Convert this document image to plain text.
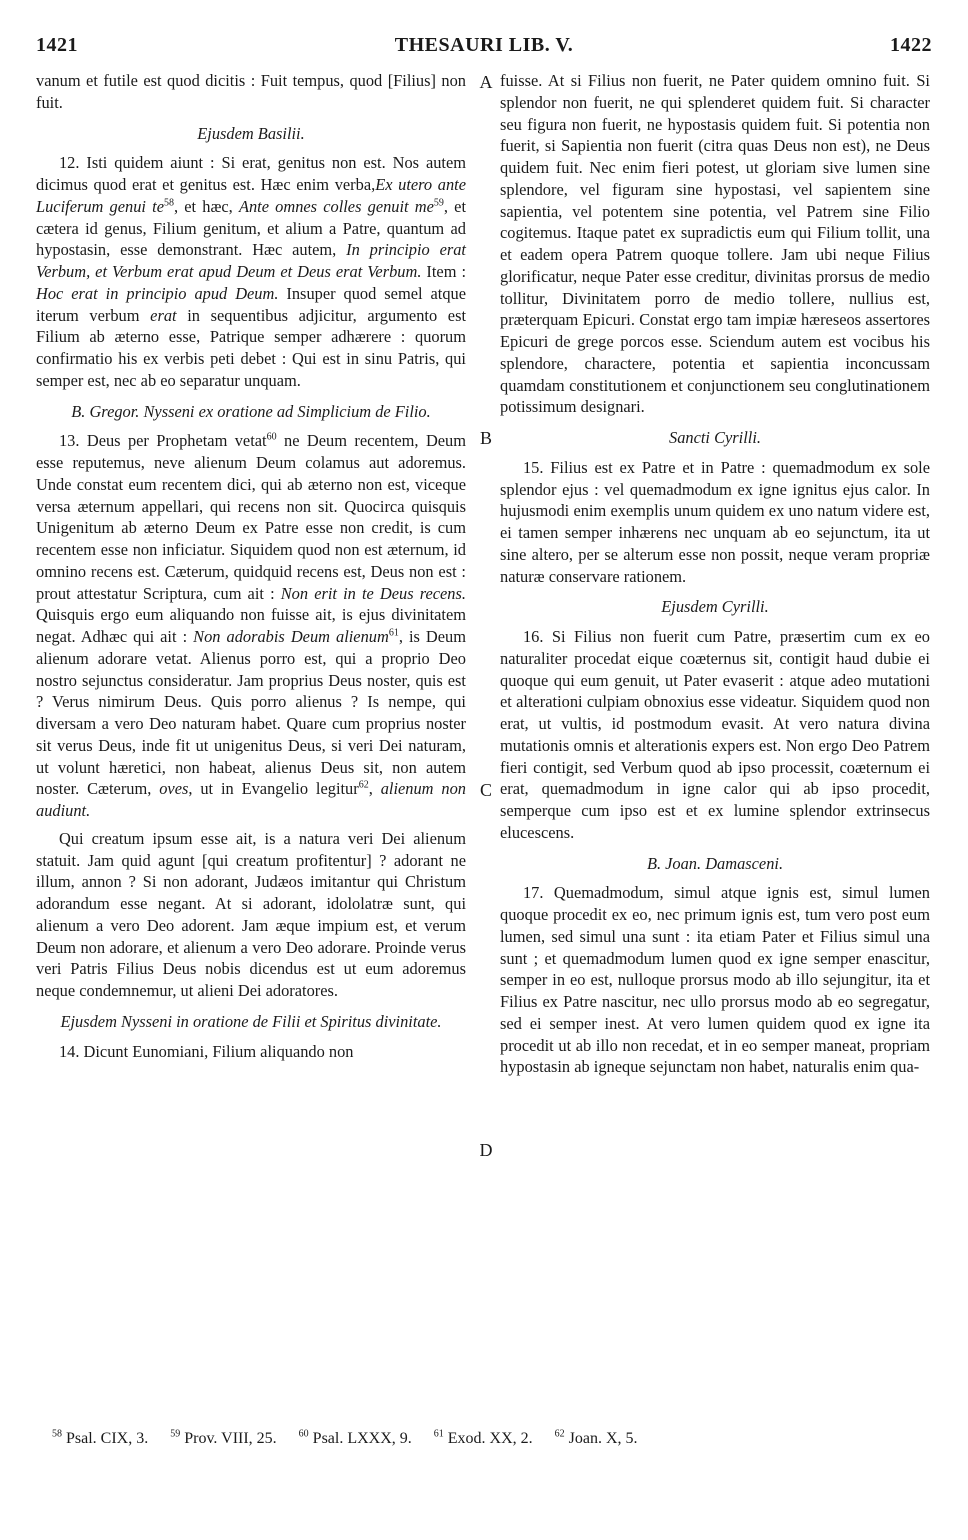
1421	THESAURI LIB. V.	1422
A
B
C
D

vanum et futile est quod dicitis : Fuit tempus, quod [Filius] non fuit.

Ejusdem Basilii.

12. Isti quidem aiunt : Si erat, genitus non est. Nos autem dicimus quod erat et genitus est. Hæc enim verba,Ex utero ante Luciferum genui $te^{58}$, et hæc, Ante omnes colles genuit $me^{59}$, et cætera id genus, Filium genitum, et alium a Patre, quantum ad hypostasin, esse demonstrant. Hæc autem, In principio erat Verbum, et Verbum erat apud Deum et Deus erat Verbum. Item : Hoc erat in principio apud Deum. Insuper quod semel atque iterum verbum erat in sequentibus adjicitur, argumento est Filium ab æterno esse, Patrique semper adhærere : quorum confirmatio his ex verbis peti debet : Qui est in sinu Patris, qui semper est, nec ab eo separatur unquam.

B. Gregor. Nysseni ex oratione ad Simplicium de Filio.

13. Deus per Prophetam vetat$^{60}$ ne Deum recentem, Deum esse reputemus, neve alienum Deum colamus aut adoremus. Unde constat eum recentem dici, qui ab æterno non est, viceque versa æternum appellari, qui recens non sit. Quocirca quisquis Unigenitum ab æterno Deum ex Patre esse non credit, is cum recentem esse non inficiatur. Siquidem quod non est æternum, id omnino recens est. Cæterum, quidquid recens est, Deus non est : prout attestatur Scriptura, cum ait : Non erit in te Deus recens. Quisquis ergo eum aliquando non fuisse ait, is ejus divinitatem negat. Adhæc qui ait : Non adorabis Deum alienum$^{61}$, is Deum alienum adorare vetat. Alienus porro est, qui a proprio Deo nostro sejunctus consideratur. Jam proprius Deus noster, quis est ? Verus nimirum Deus. Quis porro alienus ? Is nempe, qui diversam a vero Deo naturam habet. Quare cum proprius noster sit verus Deus, inde fit ut unigenitus Deus, si veri Dei naturam, ut volunt hæretici, non habeat, alienus Deus sit, non autem noster. Cæterum, oves, ut in Evangelio legitur$^{62}$, alienum non audiunt.

Qui creatum ipsum esse ait, is a natura veri Dei alienum statuit. Jam quid agunt [qui creatum profitentur] ? adorant ne illum, annon ? Si non adorant, Judæos imitantur qui Christum adorandum esse negant. At si adorant, idololatræ sunt, qui alienum a vero Deo adorent. Jam æque impium est, et verum Deum non adorare, et alienum a vero Deo adorare. Proinde verus veri Patris Filius Deus nobis dicendus est ut eum adoremus neque condemnemur, ut alieni Dei adoratores.

Ejusdem Nysseni in oratione de Filii et Spiritus divinitate.

14. Dicunt Eunomiani, Filium aliquando non

fuisse. At si Filius non fuerit, ne Pater quidem omnino fuit. Si splendor non fuerit, ne qui splenderet quidem fuit. Si character seu figura non fuerit, ne hypostasis quidem fuit. Si potentia non fuerit, si Sapientia non fuerit (citra quas Deus non est), ne Deus quidem fuit. Nec enim fieri potest, ut gloriam sive lumen sine splendore, vel figuram sine hypostasi, vel sapientem sine sapientia, vel potentem sine potentia, vel Patrem sine Filio cogitemus. Itaque patet ex supradictis eum qui Filium tollit, una et eadem opera Patrem quoque tollere. Jam ubi neque Filius glorificatur, neque Pater esse creditur, divinitas prorsus de medio tollitur, Divinitatem porro de medio tollere, nullius est, præterquam Epicuri. Constat ergo tam impiæ hæreseos assertores Epicuri de grege porcos esse. Sciendum autem est vocibus his splendore, charactere, potentia et sapientia inconcussam quamdam constitutionem et conjunctionem seu conglutinationem potissimum designari.

Sancti Cyrilli.

15. Filius est ex Patre et in Patre : quemadmodum ex sole splendor ejus : vel quemadmodum ex igne ignitus ejus calor. In hujusmodi enim exemplis unum quidem ex uno natum videre est, ei tamen semper inhærens nec unquam ab eo sejunctum, ita ut sine altero, per se alterum esse non possit, neque veram propriæ naturæ conservare rationem.

Ejusdem Cyrilli.

16. Si Filius non fuerit cum Patre, præsertim cum ex eo naturaliter procedat eique coæternus sit, contigit haud dubie ei quoque qui eum genuit, ut Pater evaserit : atque adeo mutationi et alterationi culpiam obnoxius esse videatur. Siquidem quod non erat, ut vultis, id postmodum evasit. At vero natura divina mutationis omnis et alterationis expers est. Non ergo Deo Patrem fieri contigit, sed Verbum quod ab ipso processit, coæternum ei erat, quemadmodum in igne calor qui ab ipso procedit, semperque cum ipso est et ex lumine splendor extrinsecus elucescens.

B. Joan. Damasceni.

17. Quemadmodum, simul atque ignis est, simul lumen quoque procedit ex eo, nec primum ignis est, tum vero post eum lumen, sed simul una sunt : ita etiam Pater et Filius simul una sunt ; et quemadmodum lumen quod ex igne semper enascitur, semper in eo est, nulloque prorsus modo ab illo sejungitur, ita et Filius ex Patre nascitur, nec ullo prorsus modo ab eo segregatur, sed ei semper inest. At vero lumen quidem quod ex igne ita procedit ut ab illo non recedat, et in eo semper maneat, propriam hypostasin ab igneque sejunctam non habet, naturalis enim qua-

$^{58}$ Psal. CIX, 3. $^{59}$ Prov. VIII, 25. $^{60}$ Psal. LXXX, 9. $^{61}$ Exod. XX, 2. $^{62}$ Joan. X, 5.
